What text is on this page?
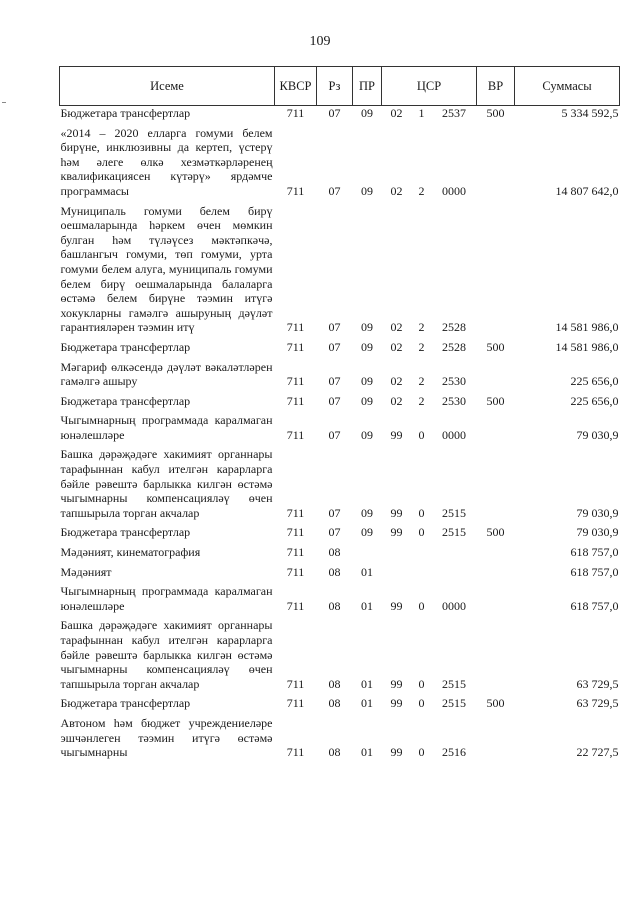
109
Исеме	КВСР	Рз	ПР	ЦСР			ВР	Суммасы
Бюджетара трансфертлар	711	07	09	02	1	2537	500	5 334 592,5

«2014 – 2020 елларга гомуми белем бирүне, инклюзивны да кертеп, үстерү һәм әлеге өлкә хезмәткәрләренең квалификациясен күтәрү» ярдәмче программасы	711	07	09	02	2	0000		14 807 642,0

Муниципаль гомуми белем бирү оешмаларында һәркем өчен мөмкин булган һәм түләүсез мәктәпкәчә, башлангыч гомуми, төп гомуми, урта гомуми белем алуга, муниципаль гомуми белем бирү оешмаларында балаларга өстәмә белем бирүне тәэмин итүгә хокукларны гамәлгә ашыруның дәүләт гарантияләрен тәэмин итү	711	07	09	02	2	2528		14 581 986,0

Бюджетара трансфертлар	711	07	09	02	2	2528	500	14 581 986,0

Мәгариф өлкәсендә дәүләт вәкаләтләрен гамәлгә ашыру	711	07	09	02	2	2530		225 656,0

Бюджетара трансфертлар	711	07	09	02	2	2530	500	225 656,0

Чыгымнарның программада каралмаган юнәлешләре	711	07	09	99	0	0000		79 030,9

Башка дәрәҗәдәге хакимият органнары тарафыннан кабул ителгән карарларга бәйле рәвештә барлыкка килгән өстәмә чыгымнарны компенсацияләү өчен тапшырыла торган акчалар	711	07	09	99	0	2515		79 030,9

Бюджетара трансфертлар	711	07	09	99	0	2515	500	79 030,9

Мәдәният, кинематография	711	08						618 757,0

Мәдәният	711	08	01					618 757,0

Чыгымнарның программада каралмаган юнәлешләре	711	08	01	99	0	0000		618 757,0

Башка дәрәҗәдәге хакимият органнары тарафыннан кабул ителгән карарларга бәйле рәвештә барлыкка килгән өстәмә чыгымнарны компенсацияләү өчен тапшырыла торган акчалар	711	08	01	99	0	2515		63 729,5

Бюджетара трансфертлар	711	08	01	99	0	2515	500	63 729,5

Автоном һәм бюджет учреждениеләре эшчәнлеген тәэмин итүгә өстәмә чыгымнарны	711	08	01	99	0	2516		22 727,5
